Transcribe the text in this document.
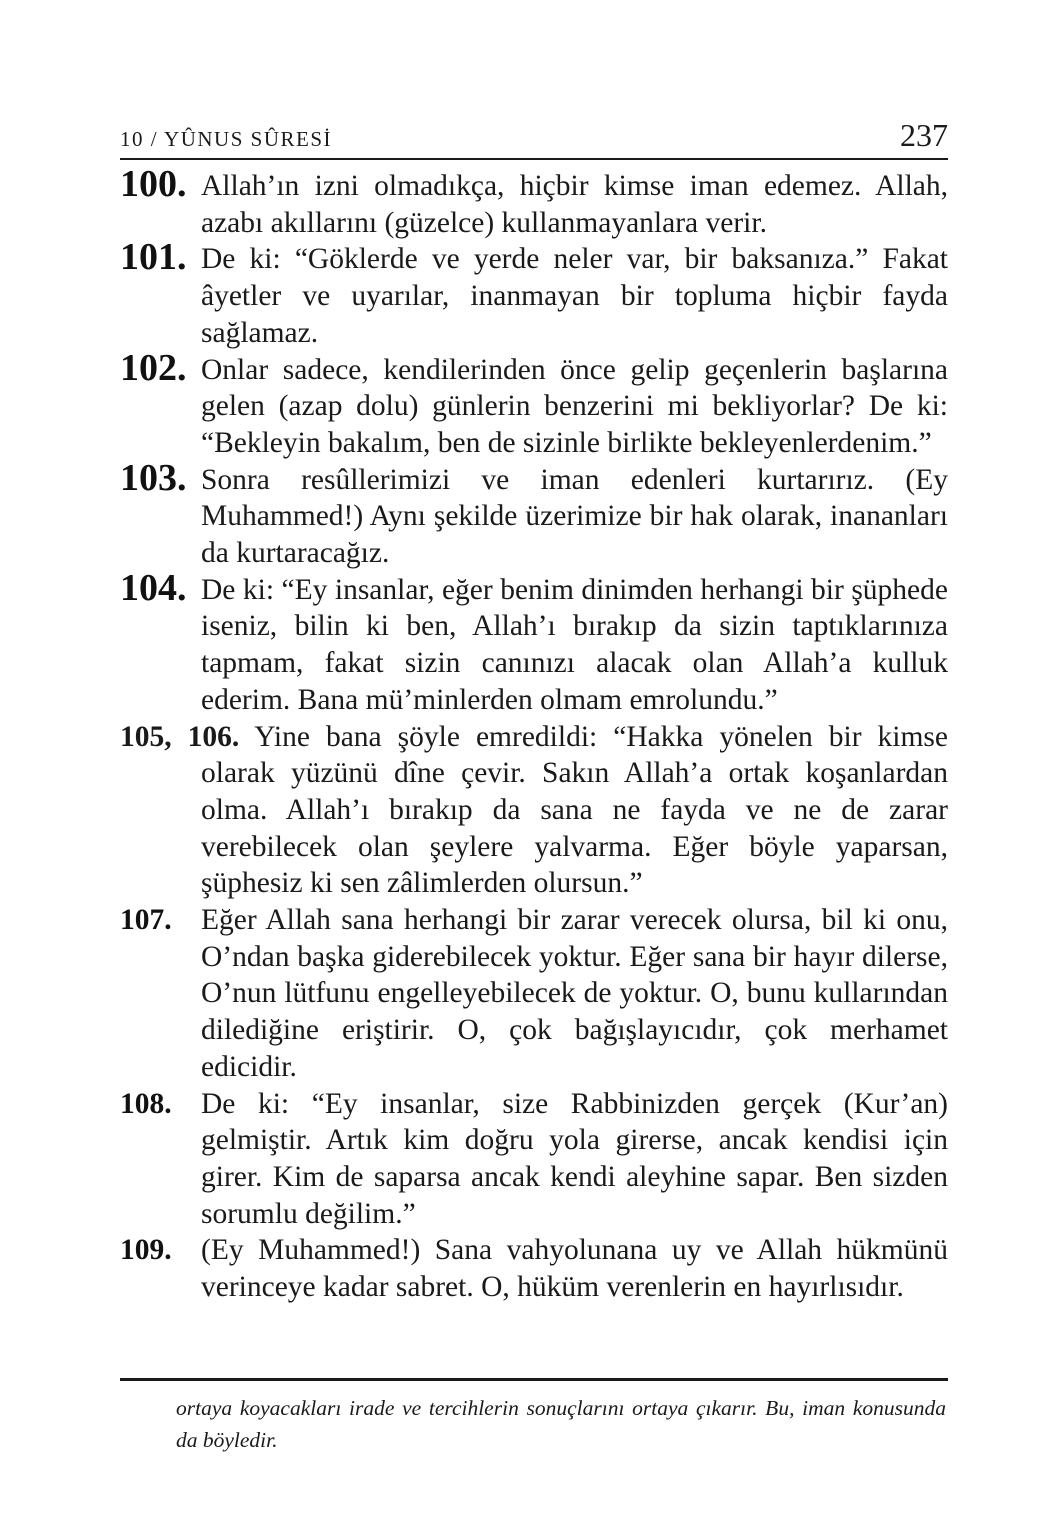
10 / YÛNUS SÛRESİ	237
100. Allah’ın izni olmadıkça, hiçbir kimse iman edemez. Allah, azabı akıllarını (güzelce) kullanmayanlara verir.
101. De ki: “Göklerde ve yerde neler var, bir baksanıza.” Fakat âyetler ve uyarılar, inanmayan bir topluma hiçbir fayda sağlamaz.
102. Onlar sadece, kendilerinden önce gelip geçenlerin başlarına gelen (azap dolu) günlerin benzerini mi bekliyorlar? De ki: “Bekleyin bakalım, ben de sizinle birlikte bekleyenlerdenim.”
103. Sonra resûllerimizi ve iman edenleri kurtarırız. (Ey Muhammed!) Aynı şekilde üzerimize bir hak olarak, inananları da kurtaracağız.
104. De ki: “Ey insanlar, eğer benim dinimden herhangi bir şüphede iseniz, bilin ki ben, Allah’ı bırakıp da sizin taptıklarınıza tapmam, fakat sizin canınızı alacak olan Allah’a kulluk ederim. Bana mü’minlerden olmam emrolundu.”
105, 106. Yine bana şöyle emredildi: “Hakka yönelen bir kimse olarak yüzünü dîne çevir. Sakın Allah’a ortak koşanlardan olma. Allah’ı bırakıp da sana ne fayda ve ne de zarar verebilecek olan şeylere yalvarma. Eğer böyle yaparsan, şüphesiz ki sen zâlimlerden olursun.”
107. Eğer Allah sana herhangi bir zarar verecek olursa, bil ki onu, O’ndan başka giderebilecek yoktur. Eğer sana bir hayır dilerse, O’nun lütfunu engelleyebilecek de yoktur. O, bunu kullarından dilediğine eriştirir. O, çok bağışlayıcıdır, çok merhamet edicidir.
108. De ki: “Ey insanlar, size Rabbinizden gerçek (Kur’an) gelmiştir. Artık kim doğru yola girerse, ancak kendisi için girer. Kim de saparsa ancak kendi aleyhine sapar. Ben sizden sorumlu değilim.”
109. (Ey Muhammed!) Sana vahyolunana uy ve Allah hükmünü verinceye kadar sabret. O, hüküm verenlerin en hayırlısıdır.
ortaya koyacakları irade ve tercihlerin sonuçlarını ortaya çıkarır. Bu, iman konusunda da böyledir.
